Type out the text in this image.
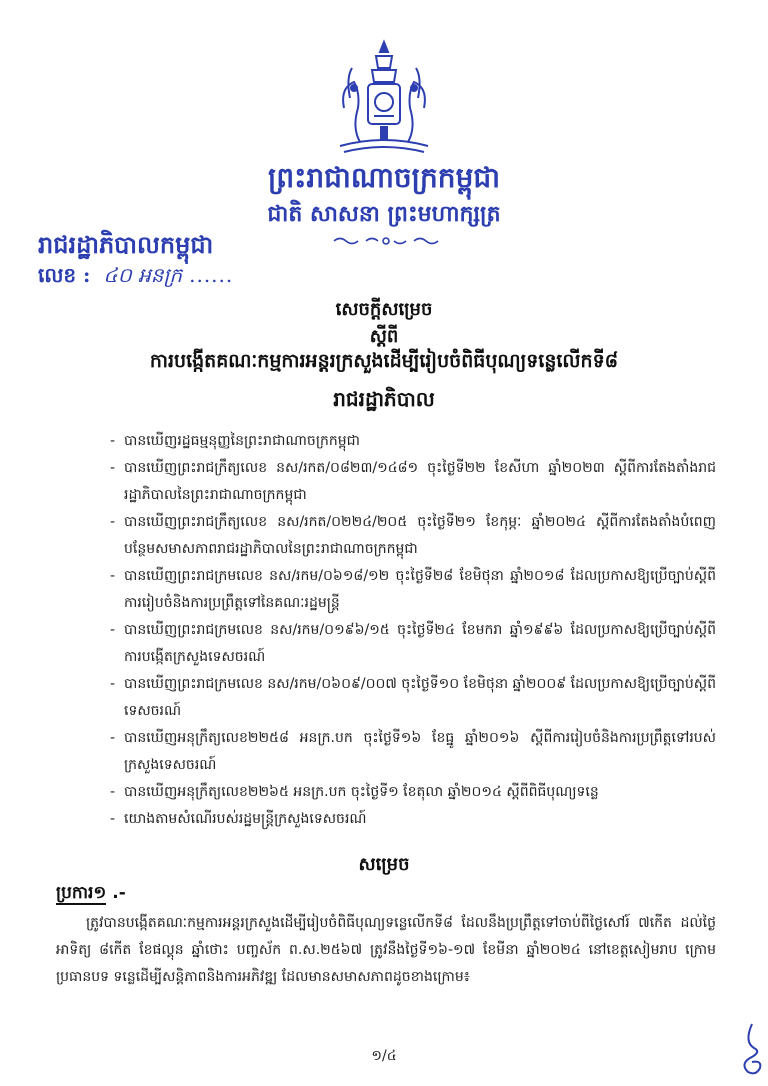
ព្រះរាជាណាចក្រកម្ពុជា
ជាតិ សាសនា ព្រះមហាក្សត្រ
រាជរដ្ឋាភិបាលកម្ពុជា
លេខ : ៤០ អនក្រ ......
សេចក្តីសម្រេច
ស្តីពី
ការបង្កើតគណៈកម្មការអន្តរក្រសួងដើម្បីរៀបចំពិធីបុណ្យទន្លេលើកទី៨
រាជរដ្ឋាភិបាល
- បានឃើញរដ្ឋធម្មនុញ្ញនៃព្រះរាជាណាចក្រកម្ពុជា
- បានឃើញព្រះរាជក្រឹត្យលេខ នស/រកត/០៨២៣/១៤៨១ ចុះថ្ងៃទី២២ ខែសីហា ឆ្នាំ២០២៣ ស្តីពីការតែងតាំងរាជរដ្ឋាភិបាលនៃព្រះរាជាណាចក្រកម្ពុជា
- បានឃើញព្រះរាជក្រឹត្យលេខ នស/រកត/០២២៤/២០៥ ចុះថ្ងៃទី២១ ខែកុម្ភៈ ឆ្នាំ២០២៤ ស្តីពីការតែងតាំងបំពេញបន្ថែមសមាសភាពរាជរដ្ឋាភិបាលនៃព្រះរាជាណាចក្រកម្ពុជា
- បានឃើញព្រះរាជក្រមលេខ នស/រកម/០៦១៨/១២ ចុះថ្ងៃទី២៨ ខែមិថុនា ឆ្នាំ២០១៨ ដែលប្រកាសឱ្យប្រើច្បាប់ស្តីពីការរៀបចំនិងការប្រព្រឹត្តទៅនៃគណៈរដ្ឋមន្ត្រី
- បានឃើញព្រះរាជក្រមលេខ នស/រកម/០១៩៦/១៥ ចុះថ្ងៃទី២៤ ខែមករា ឆ្នាំ១៩៩៦ ដែលប្រកាសឱ្យប្រើច្បាប់ស្តីពីការបង្កើតក្រសួងទេសចរណ៍
- បានឃើញព្រះរាជក្រមលេខ នស/រកម/០៦០៩/០០៧ ចុះថ្ងៃទី១០ ខែមិថុនា ឆ្នាំ២០០៩ ដែលប្រកាសឱ្យប្រើច្បាប់ស្តីពីទេសចរណ៍
- បានឃើញអនុក្រឹត្យលេខ២២៥៨ អនក្រ.បក ចុះថ្ងៃទី១៦ ខែធ្នូ ឆ្នាំ២០១៦ ស្តីពីការរៀបចំនិងការប្រព្រឹត្តទៅរបស់ក្រសួងទេសចរណ៍
- បានឃើញអនុក្រឹត្យលេខ២២៦៥ អនក្រ.បក ចុះថ្ងៃទី១ ខែតុលា ឆ្នាំ២០១៤ ស្តីពីពិធីបុណ្យទន្លេ
- យោងតាមសំណើរបស់រដ្ឋមន្ត្រីក្រសួងទេសចរណ៍
សម្រេច
ប្រការ១ .-
ត្រូវបានបង្កើតគណៈកម្មការអន្តរក្រសួងដើម្បីរៀបចំពិធីបុណ្យទន្លេលើកទី៨ ដែលនឹងប្រព្រឹត្តទៅចាប់ពីថ្ងៃសៅរ៍ ៧កើត ដល់ថ្ងៃអាទិត្យ ៨កើត ខែផល្គុន ឆ្នាំថោះ បញ្ចស័ក ព.ស.២៥៦៧ ត្រូវនឹងថ្ងៃទី១៦-១៧ ខែមីនា ឆ្នាំ២០២៤ នៅខេត្តសៀមរាប ក្រោមប្រធានបទ ទន្លេដើម្បីសន្តិភាពនិងការអភិវឌ្ឍ ដែលមានសមាសភាពដូចខាងក្រោម៖
១/៤
